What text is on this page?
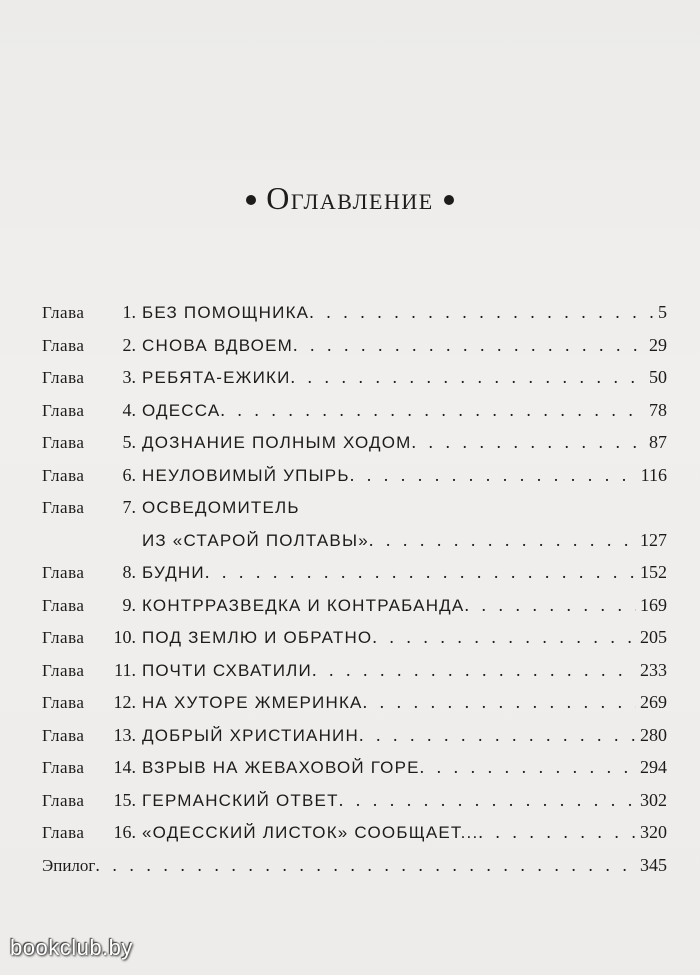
Оглавление
Глава	1. БЕЗ ПОМОЩНИКА . . .	5
Глава	2. СНОВА ВДВОЕМ . . .	29
Глава	3. РЕБЯТА-ЕЖИКИ . . .	50
Глава	4. ОДЕССА . . .	78
Глава	5. ДОЗНАНИЕ ПОЛНЫМ ХОДОМ . . .	87
Глава	6. НЕУЛОВИМЫЙ УПЫРЬ . . .	116
Глава	7. ОСВЕДОМИТЕЛЬ
ИЗ «СТАРОЙ ПОЛТАВЫ» . . .	127
Глава	8. БУДНИ . . .	152
Глава	9. КОНТРРАЗВЕДКА И КОНТРАБАНДА . . .	169
Глава	10. ПОД ЗЕМЛЮ И ОБРАТНО . . .	205
Глава	11. ПОЧТИ СХВАТИЛИ . . .	233
Глава	12. НА ХУТОРЕ ЖМЕРИНКА . . .	269
Глава	13. ДОБРЫЙ ХРИСТИАНИН . . .	280
Глава	14. ВЗРЫВ НА ЖЕВАХОВОЙ ГОРЕ . . .	294
Глава	15. ГЕРМАНСКИЙ ОТВЕТ . . .	302
Глава	16. «ОДЕССКИЙ ЛИСТОК» СООБЩАЕТ... . . .	320
Эпилог . . .	345
bookclub.by
